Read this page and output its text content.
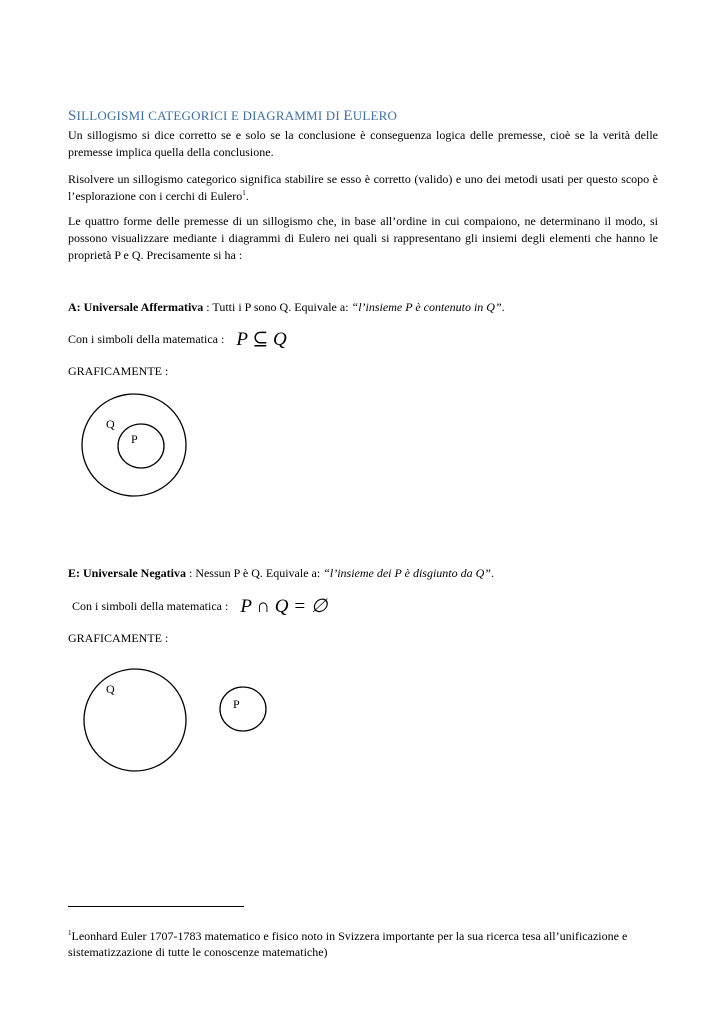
SILLOGISMI CATEGORICI E DIAGRAMMI DI EULERO
Un sillogismo si dice corretto se e solo se la conclusione è conseguenza logica delle premesse, cioè se la verità delle premesse implica quella della conclusione.
Risolvere un sillogismo categorico significa stabilire se esso è corretto (valido) e uno dei metodi usati per questo scopo è l’esplorazione con i cerchi di Eulero$^1$.
Le quattro forme delle premesse di un sillogismo che, in base all’ordine in cui compaiono, ne determinano il modo, si possono visualizzare mediante i diagrammi di Eulero nei quali si rappresentano gli insiemi degli elementi che hanno le proprietà P e Q. Precisamente si ha :
A: Universale Affermativa : Tutti i P sono Q. Equivale a: “l’insieme P è contenuto in Q”.
Con i simboli della matematica : P ⊆ Q
GRAFICAMENTE :
Q
P
E: Universale Negativa : Nessun P è Q. Equivale a: “l’insieme dei P è disgiunto da Q”.
Con i simboli della matematica : P ∩ Q = ∅
GRAFICAMENTE :
Q
P
$^1$Leonhard Euler 1707-1783 matematico e fisico noto in Svizzera importante per la sua ricerca tesa all’unificazione e sistematizzazione di tutte le conoscenze matematiche)
